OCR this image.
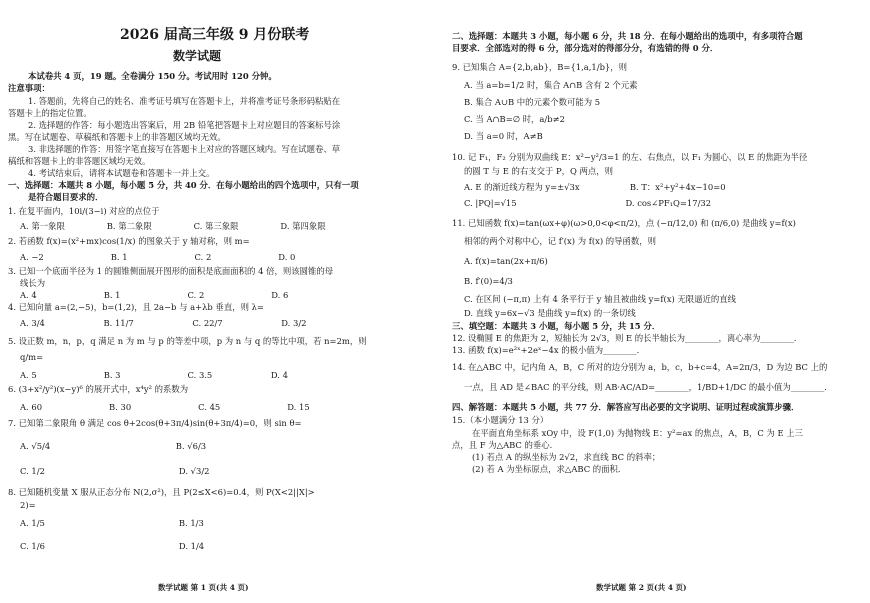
2026 届高三年级 9 月份联考
数学试题
本试卷共 4 页，19 题。全卷满分 150 分。考试用时 120 分钟。
注意事项：
1. 答题前，先将自己的姓名、准考证号填写在答题卡上，并将准考证号条形码粘贴在
答题卡上的指定位置。
2. 选择题的作答：每小题选出答案后，用 2B 铅笔把答题卡上对应题目的答案标号涂
黑。写在试题卷、草稿纸和答题卡上的非答题区域均无效。
3. 非选择题的作答：用签字笔直接写在答题卡上对应的答题区域内。写在试题卷、草
稿纸和答题卡上的非答题区域均无效。
4. 考试结束后，请将本试题卷和答题卡一并上交。
一、选择题：本题共 8 小题，每小题 5 分，共 40 分．在每小题给出的四个选项中，只有一项
是符合题目要求的．
1. 在复平面内，10i/(3−i) 对应的点位于
A. 第一象限　　　　　B. 第二象限　　　　　C. 第三象限　　　　　D. 第四象限
2. 若函数 f(x)=(x²+mx)cos(1/x) 的图象关于 y 轴对称，则 m=
A. −2　　　　　　　　B. 1　　　　　　　　C. 2　　　　　　　　D. 0
3. 已知一个底面半径为 1 的圆锥侧面展开图形的面积是底面面积的 4 倍，则该圆锥的母
线长为
A. 4　　　　　　　　B. 1　　　　　　　　C. 2　　　　　　　　D. 6
4. 已知向量 a=(2,−5)，b=(1,2)，且 2a−b 与 a+λb 垂直，则 λ=
A. 3/4　　　　　　　B. 11/7　　　　　　　C. 22/7　　　　　　　D. 3/2
5. 设正数 m，n，p，q 满足 n 为 m 与 p 的等差中项，p 为 n 与 q 的等比中项，若 n=2m，则
q/m=
A. 5　　　　　　　　B. 3　　　　　　　　C. 3.5　　　　　　　D. 4
6. (3+x²/y²)(x−y)⁶ 的展开式中，x⁴y² 的系数为
A. 60　　　　　　　　B. 30　　　　　　　　C. 45　　　　　　　　D. 15
7. 已知第二象限角 θ 满足 cos θ+2cos(θ+3π/4)sin(θ+3π/4)=0，则 sin θ=
A. √5/4　　　　　　　　　　　　　　　B. √6/3
C. 1/2　　　　　　　　　　　　　　　　D. √3/2
8. 已知随机变量 X 服从正态分布 N(2,σ²)，且 P(2≤X<6)=0.4，则 P(X<2||X|>
2)=
A. 1/5　　　　　　　　　　　　　　　　B. 1/3
C. 1/6　　　　　　　　　　　　　　　　D. 1/4
数学试题 第 1 页(共 4 页)
二、选择题：本题共 3 小题，每小题 6 分，共 18 分．在每小题给出的选项中，有多项符合题
目要求．全部选对的得 6 分，部分选对的得部分分，有选错的得 0 分．
9. 已知集合 A={2,b,ab}，B={1,a,1/b}，则
A. 当 a=b=1/2 时，集合 A∩B 含有 2 个元素
B. 集合 A∪B 中的元素个数可能为 5
C. 当 A∩B=∅ 时，a/b≠2
D. 当 a=0 时，A≠B
10. 记 F₁，F₂ 分别为双曲线 E：x²−y²/3=1 的左、右焦点，以 F₁ 为圆心，以 E 的焦距为半径
的圆 T 与 E 的右支交于 P，Q 两点，则
A. E 的渐近线方程为 y=±√3x　　　　　　B. T：x²+y²+4x−10=0
C. |PQ|=√15　　　　　　　　　　　　　D. cos∠PF₁Q=17/32
11. 已知函数 f(x)=tan(ωx+φ)(ω>0,0<φ<π/2)，点 (−π/12,0) 和 (π/6,0) 是曲线 y=f(x)
相邻的两个对称中心，记 f′(x) 为 f(x) 的导函数，则
A. f(x)=tan(2x+π/6)
B. f′(0)=4/3
C. 在区间 (−π,π) 上有 4 条平行于 y 轴且被曲线 y=f(x) 无限逼近的直线
D. 直线 y=6x−√3 是曲线 y=f(x) 的一条切线
三、填空题：本题共 3 小题，每小题 5 分，共 15 分．
12. 设椭圆 E 的焦距为 2，短轴长为 2√3，则 E 的长半轴长为________，离心率为________．
13. 函数 f(x)=e²ˣ+2eˣ−4x 的极小值为________．
14. 在△ABC 中，记内角 A，B，C 所对的边分别为 a，b，c，b+c=4，A=2π/3，D 为边 BC 上的
一点，且 AD 是∠BAC 的平分线，则 AB·AC/AD=________，1/BD+1/DC 的最小值为________．
四、解答题：本题共 5 小题，共 77 分．解答应写出必要的文字说明、证明过程或演算步骤．
15.（本小题满分 13 分）
在平面直角坐标系 xOy 中，设 F(1,0) 为抛物线 E：y²=ax 的焦点，A，B，C 为 E 上三
点，且 F 为△ABC 的垂心．
(1) 若点 A 的纵坐标为 2√2，求直线 BC 的斜率；
(2) 若 A 为坐标原点，求△ABC 的面积．
数学试题 第 2 页(共 4 页)
